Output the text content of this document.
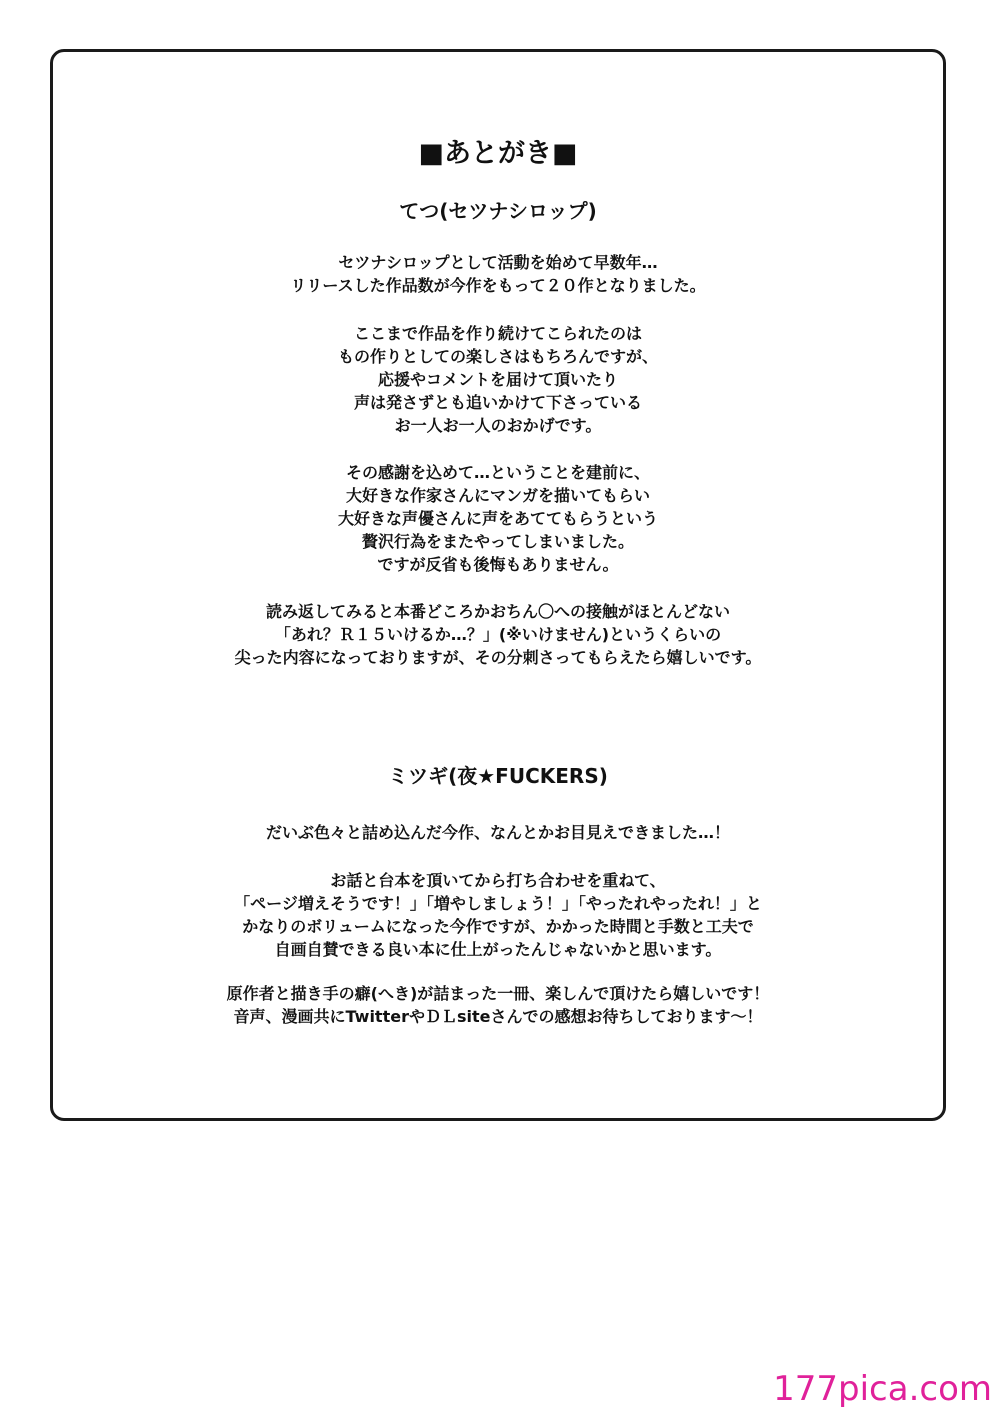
■あとがき■
てつ(セツナシロップ)
セツナシロップとして活動を始めて早数年…
リリースした作品数が今作をもって２０作となりました。
ここまで作品を作り続けてこられたのは
もの作りとしての楽しさはもちろんですが、
応援やコメントを届けて頂いたり
声は発さずとも追いかけて下さっている
お一人お一人のおかげです。
その感謝を込めて…ということを建前に、
大好きな作家さんにマンガを描いてもらい
大好きな声優さんに声をあててもらうという
贅沢行為をまたやってしまいました。
ですが反省も後悔もありません。
読み返してみると本番どころかおちん〇への接触がほとんどない
「あれ？Ｒ１５いけるか…？」(※いけません)というくらいの
尖った内容になっておりますが、その分刺さってもらえたら嬉しいです。
ミツギ(夜★FUCKERS)
だいぶ色々と詰め込んだ今作、なんとかお目見えできました…！
お話と台本を頂いてから打ち合わせを重ねて、
「ページ増えそうです！」「増やしましょう！」「やったれやったれ！」と
かなりのボリュームになった今作ですが、かかった時間と手数と工夫で
自画自賛できる良い本に仕上がったんじゃないかと思います。
原作者と描き手の癖(へき)が詰まった一冊、楽しんで頂けたら嬉しいです！
音声、漫画共にTwitterやＤＬsiteさんでの感想お待ちしております～！
177pica.com
